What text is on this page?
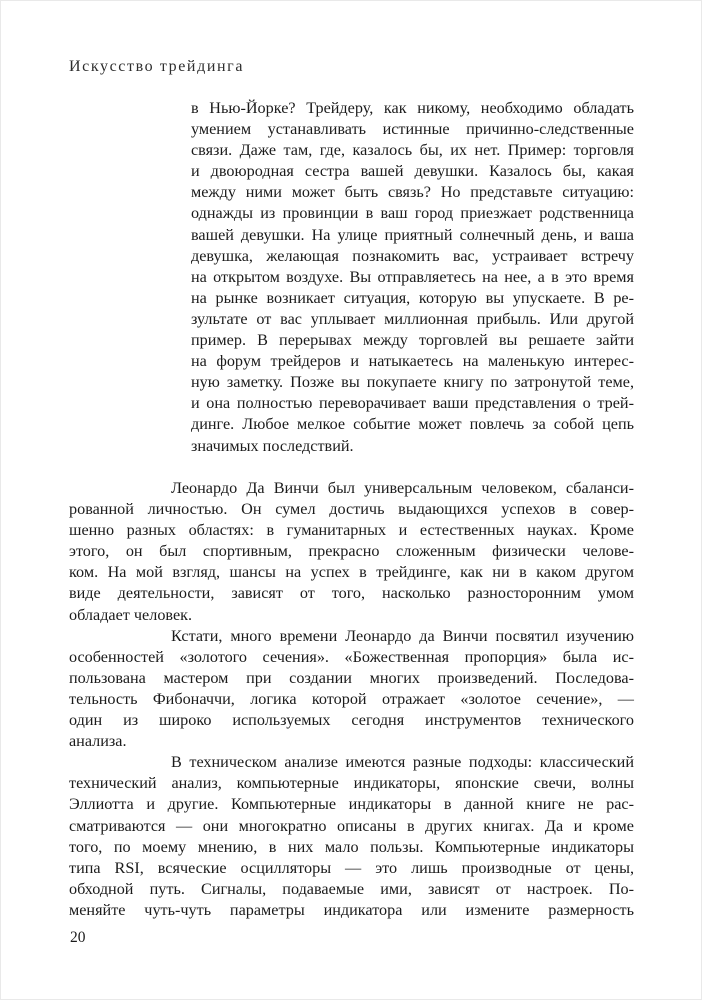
Искусство трейдинга
в Нью-Йорке? Трейдеру, как никому, необходимо обладать
умением устанавливать истинные причинно-следственные
связи. Даже там, где, казалось бы, их нет. Пример: торговля
и двоюродная сестра вашей девушки. Казалось бы, какая
между ними может быть связь? Но представьте ситуацию:
однажды из провинции в ваш город приезжает родственница
вашей девушки. На улице приятный солнечный день, и ваша
девушка, желающая познакомить вас, устраивает встречу
на открытом воздухе. Вы отправляетесь на нее, а в это время
на рынке возникает ситуация, которую вы упускаете. В ре-
зультате от вас уплывает миллионная прибыль. Или другой
пример. В перерывах между торговлей вы решаете зайти
на форум трейдеров и натыкаетесь на маленькую интерес-
ную заметку. Позже вы покупаете книгу по затронутой теме,
и она полностью переворачивает ваши представления о трей-
динге. Любое мелкое событие может повлечь за собой цепь
значимых последствий.
Леонардо Да Винчи был универсальным человеком, сбаланси-
рованной личностью. Он сумел достичь выдающихся успехов в совер-
шенно разных областях: в гуманитарных и естественных науках. Кроме
этого, он был спортивным, прекрасно сложенным физически челове-
ком. На мой взгляд, шансы на успех в трейдинге, как ни в каком другом
виде деятельности, зависят от того, насколько разносторонним умом
обладает человек.
Кстати, много времени Леонардо да Винчи посвятил изучению
особенностей «золотого сечения». «Божественная пропорция» была ис-
пользована мастером при создании многих произведений. Последова-
тельность Фибоначчи, логика которой отражает «золотое сечение», —
один из широко используемых сегодня инструментов технического
анализа.
В техническом анализе имеются разные подходы: классический
технический анализ, компьютерные индикаторы, японские свечи, волны
Эллиотта и другие. Компьютерные индикаторы в данной книге не рас-
сматриваются — они многократно описаны в других книгах. Да и кроме
того, по моему мнению, в них мало пользы. Компьютерные индикаторы
типа RSI, всяческие осцилляторы — это лишь производные от цены,
обходной путь. Сигналы, подаваемые ими, зависят от настроек. По-
меняйте чуть-чуть параметры индикатора или измените размерность
20
